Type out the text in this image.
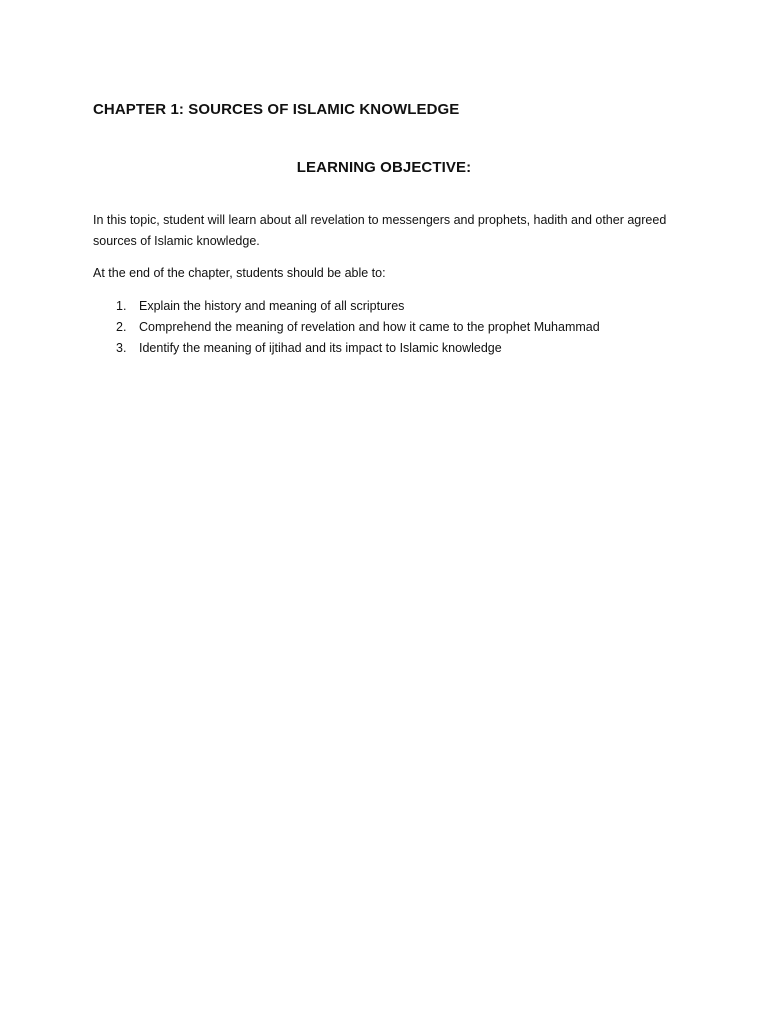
CHAPTER 1: SOURCES OF ISLAMIC KNOWLEDGE
LEARNING OBJECTIVE:

In this topic, student will learn about all revelation to messengers and prophets, hadith and other agreed sources of Islamic knowledge.

At the end of the chapter, students should be able to:

1.	Explain the history and meaning of all scriptures
2.	Comprehend the meaning of revelation and how it came to the prophet Muhammad
3.	Identify the meaning of ijtihad and its impact to Islamic knowledge
